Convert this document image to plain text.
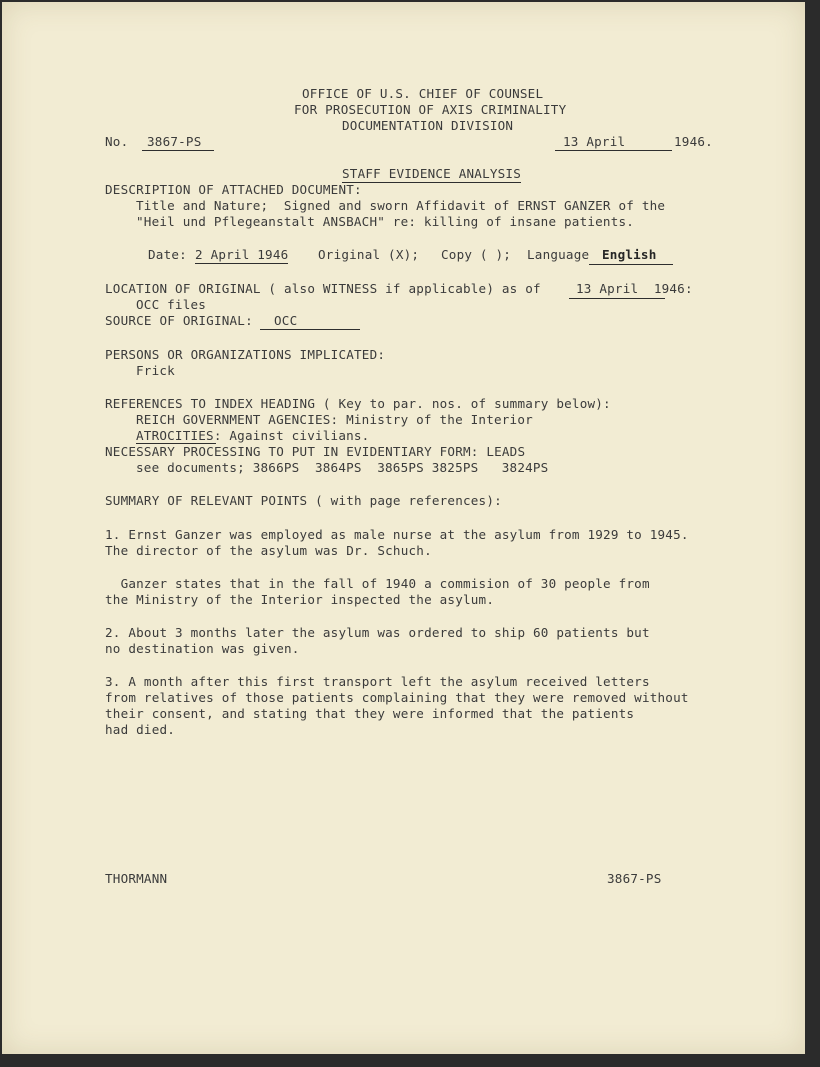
OFFICE OF U.S. CHIEF OF COUNSEL
FOR PROSECUTION OF AXIS CRIMINALITY
DOCUMENTATION DIVISION
No. 3867-PS	13 April	1946.
STAFF EVIDENCE ANALYSIS
DESCRIPTION OF ATTACHED DOCUMENT:
Title and Nature;  Signed and sworn Affidavit of ERNST GANZER of the
"Heil und Pflegeanstalt ANSBACH" re: killing of insane patients.
Date: 2 April 1946 Original (X); Copy ( ); Language English
LOCATION OF ORIGINAL ( also WITNESS if applicable) as of	13 April  1946:
OCC files
SOURCE OF ORIGINAL: OCC
PERSONS OR ORGANIZATIONS IMPLICATED:
Frick
REFERENCES TO INDEX HEADING ( Key to par. nos. of summary below):
REICH GOVERNMENT AGENCIES: Ministry of the Interior
ATROCITIES: Against civilians.
NECESSARY PROCESSING TO PUT IN EVIDENTIARY FORM: LEADS
see documents; 3866PS  3864PS  3865PS 3825PS   3824PS
SUMMARY OF RELEVANT POINTS ( with page references):
1. Ernst Ganzer was employed as male nurse at the asylum from 1929 to 1945.
The director of the asylum was Dr. Schuch.
Ganzer states that in the fall of 1940 a commision of 30 people from
the Ministry of the Interior inspected the asylum.
2. About 3 months later the asylum was ordered to ship 60 patients but
no destination was given.
3. A month after this first transport left the asylum received letters
from relatives of those patients complaining that they were removed without
their consent, and stating that they were informed that the patients
had died.
THORMANN	3867-PS
